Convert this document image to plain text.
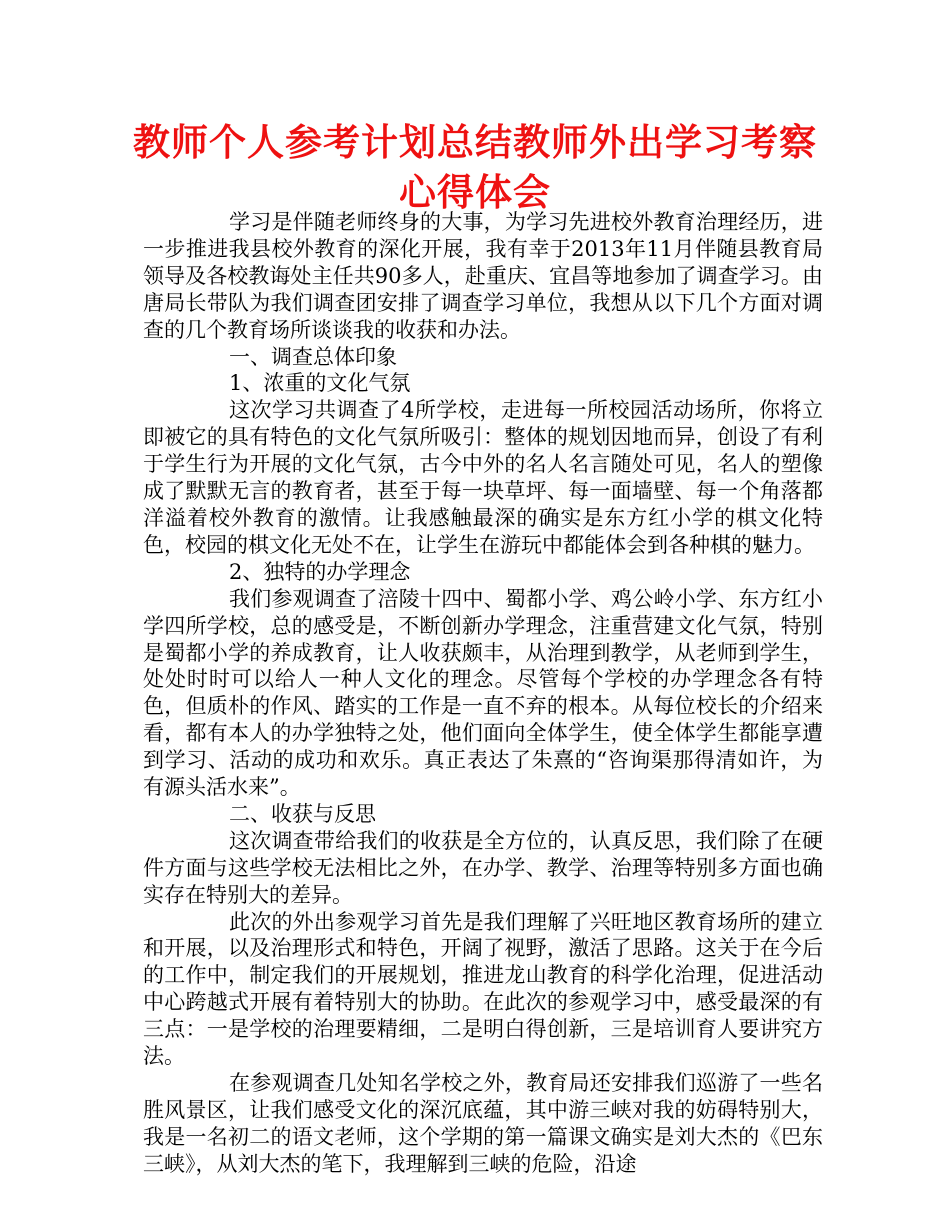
教师个人参考计划总结教师外出学习考察心得体会

学习是伴随老师终身的大事，为学习先进校外教育治理经历，进一步推进我县校外教育的深化开展，我有幸于2013年11月伴随县教育局领导及各校教诲处主任共90多人，赴重庆、宜昌等地参加了调查学习。由唐局长带队为我们调查团安排了调查学习单位，我想从以下几个方面对调查的几个教育场所谈谈我的收获和办法。

一、调查总体印象

1、浓重的文化气氛

这次学习共调查了4所学校，走进每一所校园活动场所，你将立即被它的具有特色的文化气氛所吸引：整体的规划因地而异，创设了有利于学生行为开展的文化气氛，古今中外的名人名言随处可见，名人的塑像成了默默无言的教育者，甚至于每一块草坪、每一面墙壁、每一个角落都洋溢着校外教育的激情。让我感触最深的确实是东方红小学的棋文化特色，校园的棋文化无处不在，让学生在游玩中都能体会到各种棋的魅力。

2、独特的办学理念

我们参观调查了涪陵十四中、蜀都小学、鸡公岭小学、东方红小学四所学校，总的感受是，不断创新办学理念，注重营建文化气氛，特别是蜀都小学的养成教育，让人收获颇丰，从治理到教学，从老师到学生，处处时时可以给人一种人文化的理念。尽管每个学校的办学理念各有特色，但质朴的作风、踏实的工作是一直不弃的根本。从每位校长的介绍来看，都有本人的办学独特之处，他们面向全体学生，使全体学生都能享遭到学习、活动的成功和欢乐。真正表达了朱熹的“咨询渠那得清如许，为有源头活水来”。

二、收获与反思

这次调查带给我们的收获是全方位的，认真反思，我们除了在硬件方面与这些学校无法相比之外，在办学、教学、治理等特别多方面也确实存在特别大的差异。

此次的外出参观学习首先是我们理解了兴旺地区教育场所的建立和开展，以及治理形式和特色，开阔了视野，激活了思路。这关于在今后的工作中，制定我们的开展规划，推进龙山教育的科学化治理，促进活动中心跨越式开展有着特别大的协助。在此次的参观学习中，感受最深的有三点：一是学校的治理要精细，二是明白得创新，三是培训育人要讲究方法。

在参观调查几处知名学校之外，教育局还安排我们巡游了一些名胜风景区，让我们感受文化的深沉底蕴，其中游三峡对我的妨碍特别大，我是一名初二的语文老师，这个学期的第一篇课文确实是刘大杰的《巴东三峡》，从刘大杰的笔下，我理解到三峡的危险，沿途
